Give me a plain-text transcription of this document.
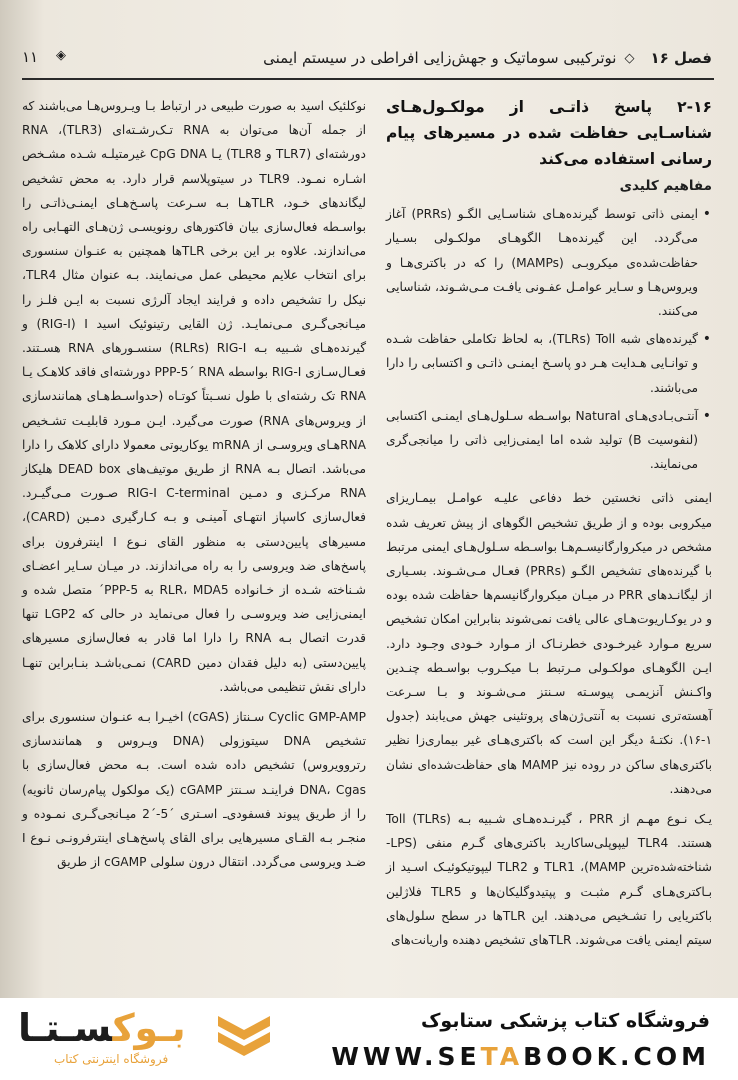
فصل ۱۶
◇
نوترکیبی سوماتیک و جهش‌زایی افراطی در سیستم ایمنی
◈
۱۱
۲-۱۶ پاسخ ذاتـی از مولکـول‌هـای شناسـایی حفاظت شده در مسیرهای پیام رسانی استفاده می‌کند
مفاهیم کلیدی
• ایمنی ذاتی توسط گیرنده‌هـای شناسـایی الگـو (PRRs) آغاز می‌گردد. این گیرنده‌هـا الگوهـای مولکـولی بسـیار حفاظت‌شده‌ی میکروبـی (MAMPs) را که در باکتری‌هـا و ویروس‌هـا و سـایر عوامـل عفـونی یافـت مـی‌شـوند، شناسایی می‌کنند.
• گیرنده‌های شبه Toll ‏(TLRs)، به لحاظ تکاملی حفاظت شـده و توانـایی هـدایت هـر دو پاسـخ ایمنـی ذاتـی و اکتسابی را دارا می‌باشند.
• آنتـی‌بـادی‌هـای Natural بواسـطه سـلول‌هـای ایمنـی اکتسابی (لنفوسیت B) تولید شده اما ایمنی‌زایی ذاتی را میانجی‌گری می‌نمایند.

ایمنی ذاتی نخستین خط دفاعی علیـه عوامـل بیمـاریزای میکروبی بوده و از طریق تشخیص الگوهای از پیش تعریف شده مشخص در میکروارگانیسـم‌هـا بواسـطه سـلول‌هـای ایمنی مرتبط با گیرنده‌های تشخیص الگـو (PRRs) فعـال مـی‌شـوند. بسـیاری از لیگانـدهای PRR در میـان میکروارگانیسم‌ها حفاظت شده بوده و در یوکـاریوت‌هـای عالی یافت نمی‌شوند بنابراین امکان تشخیص سریع مـوارد غیرخـودی خطرنـاک از مـوارد خـودی وجـود دارد. ایـن الگوهـای مولکـولی مـرتبط بـا میکـروب بواسـطه چنـدین واکـنش آنزیمـی پیوسـته سـنتز مـی‌شـوند و بـا سـرعت آهسته‌تری نسبت به آنتی‌ژن‌های پروتئینی جهش می‌یابند (جدول ۱-۱۶). نکتـهٔ دیگر این است که باکتری‌هـای غیر بیماری‌زا نظیر باکتری‌های ساکن در روده نیز MAMP های حفاظت‌شده‌ای نشان می‌دهند.

یـک نـوع مهـم از PRR ، گیرنـده‌هـای شـبیه بـه Toll (TLRs) هستند. TLR4 لیپوپلی‌ساکارید باکتری‌های گـرم منفی (LPS- شناخته‌شده‌ترین MAMP)، TLR1 و TLR2 لیپوتیکوئیـک اسـید از بـاکتری‌هـای گـرم مثبـت و پپتیدوگلیکان‌ها و TLR5 فلاژلین باکتریایی را تشـخیص می‌دهند. این TLRها در سطح سلول‌های سیتم ایمنی یافت می‌شوند. TLRهای تشخیص دهنده واریانت‌های

نوکلئیک اسید به صورت طبیعی در ارتباط بـا ویـروس‌هـا می‌باشند که از جمله آن‌ها می‌توان به RNA تـک‌رشـته‌ای (TLR3)، RNA دورشته‌ای (TLR7 و TLR8) یـا CpG DNA غیرمتیلـه شـده مشـخص اشـاره نمـود. TLR9 در سیتوپلاسم قرار دارد. به محض تشخیص لیگاندهای خـود، TLRهـا بـه سـرعت پاسـخ‌هـای ایمنـی‌ذاتـی را بواسـطه فعال‌سازی بیان فاکتورهای رونویسـی ژن‌هـای التهـابی راه می‌اندازند. علاوه بر این برخی TLRها همچنین به عنـوان سنسوری برای انتخاب علایم محیطی عمل می‌نمایند. بـه عنوان مثال TLR4، نیکل را تشخیص داده و فرایند ایجاد آلرژی نسبت به ایـن فلـز را میـانجی‌گـری مـی‌نمایـد. ژن القایی رتینوئیک اسید I ‏(RIG-I) و گیرنده‌هـای شـبیه بـه RIG-I ‏(RLRs) سنسـورهای RNA هسـتند. فعـال‌سـازی RIG-I بواسطه PPP-5΄ RNA دورشته‌ای فاقد کلاهـک یـا RNA تک رشته‌ای با طول نسـبتاً کوتـاه (حدواسـط‌هـای همانندسازی از ویروس‌های RNA) صورت می‌گیرد. ایـن مـورد قابلیـت تشـخیص RNAهـای ویروسـی از mRNA یوکاریوتی معمولا دارای کلاهک را دارا می‌باشد. اتصال بـه RNA از طریق موتیف‌های DEAD box هلیکاز RNA مرکـزی و دمـین RIG-I C-terminal صـورت مـی‌گیـرد. فعال‌سازی کاسپاز انتهـای آمینـی و بـه کـارگیری دمـین (CARD)، مسیرهای پایین‌دستی به منظور القای نـوع I اینترفرون برای پاسخ‌های ضد ویروسی را به راه می‌اندازند. در میـان سـایر اعضـای شـناخته شـده از خـانواده RLR، MDA5 به PPP-5΄ متصل شده و ایمنی‌زایی ضد ویروسـی را فعال می‌نماید در حالی که LGP2 تنها قدرت اتصال بـه RNA را دارا اما قادر به فعال‌سازی مسیرهای پایین‌دستی (به دلیل فقدان دمین CARD) نمـی‌باشـد بنـابراین تنهـا دارای نقش تنظیمی می‌باشد.

Cyclic GMP-AMP سـنتاز (cGAS) اخیـرا بـه عنـوان سنسوری برای تشخیص DNA سیتوزولی (DNA ویـروس و همانندسازی رتروویروس) تشخیص داده شده است. بـه محض فعال‌سازی با DNA، Cgas فراینـد سـنتز cGAMP (یک مولکول پیام‌رسان ثانویه) را از طریق پیوند فسفودی‌ـ اسـتری ΄5-΄2 میـانجی‌گـری نمـوده و منجـر بـه القـای مسیرهایی برای القای پاسخ‌هـای اینترفرونـی نـوع I ضـد ویروسی می‌گردد. انتقال درون سلولی cGAMP از طریق

بـوکسـتـا
فروشگاه اینترنتی کتاب
فروشگاه کتاب پزشکی ستابوک
WWW.SETABOOK.COM
